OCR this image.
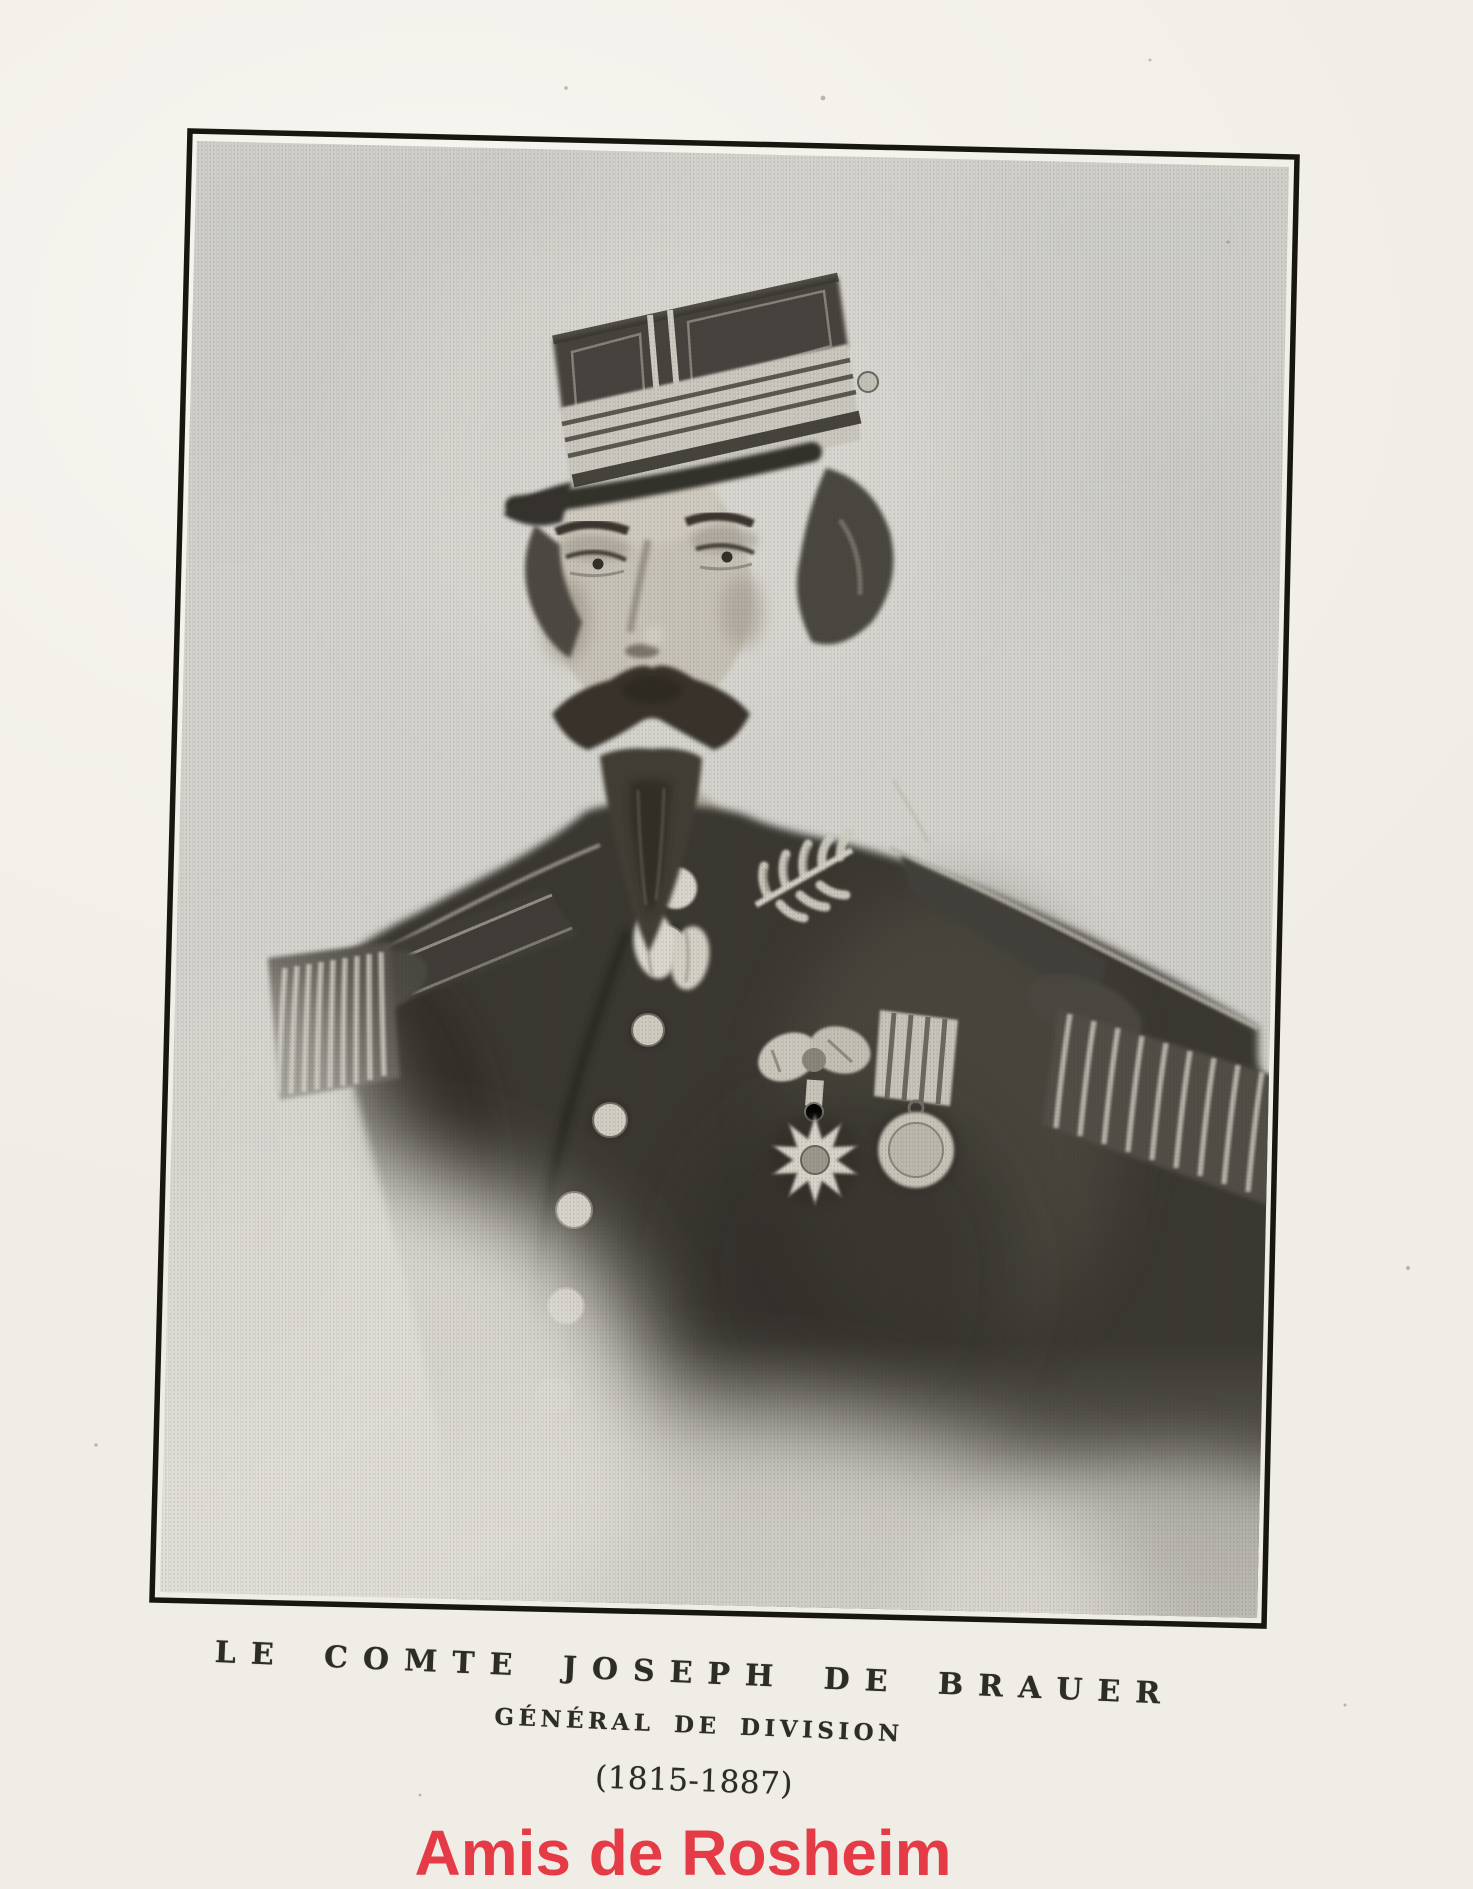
LE COMTE JOSEPH DE BRAUER
GÉNÉRAL DE DIVISION
(1815-1887)
Amis de Rosheim
